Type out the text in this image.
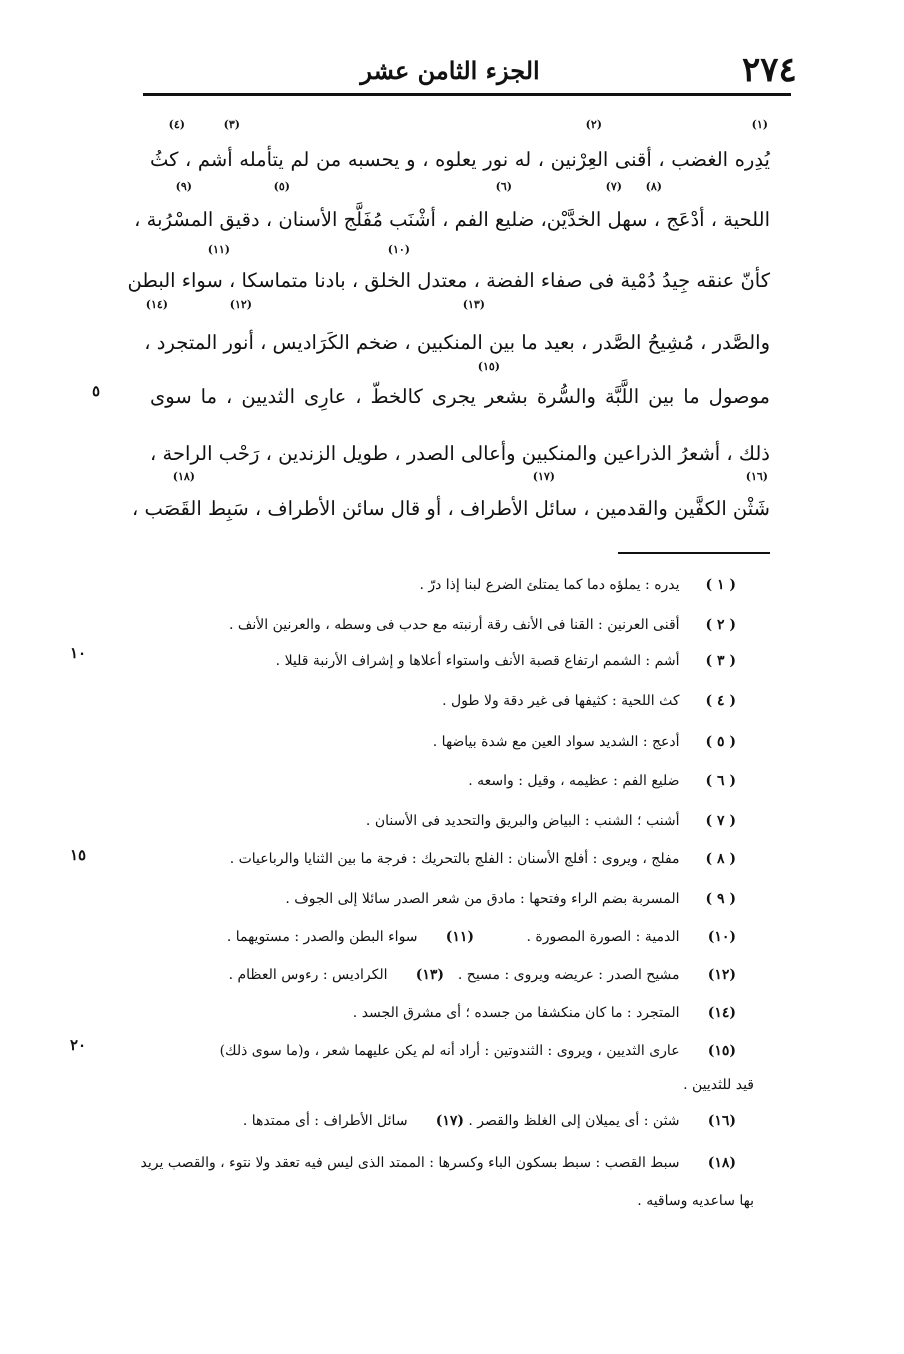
٢٧٤
الجزء الثامن عشر
(١)
(٢)
(٣)
(٤)
يُدِره الغضب ، أقنى العِرْنين ، له نور يعلوه ، و يحسبه من لم يتأمله أشم ، كثُ
(٨)
(٧)
(٦)
(٥)
(٩)
اللحية ، أدْعَج ، سهل الخدَّيْن، ضليع الفم ، أشْنَب مُفَلَّج الأسنان ، دقيق المسْرُبة ،
(١٠)
(١١)
كأنّ عنقه جِيدُ دُمْية فى صفاء الفضة ، معتدل الخلق ، بادنا متماسكا ، سواء البطن
(١٣)
(١٢)
(١٤)
والصَّدر ، مُشِيحُ الصَّدر ، بعيد ما بين المنكبين ، ضخم الكَرَاديس ، أنور المتجرد ،
(١٥)
موصول ما بين اللَّبَّة والسُّرة بشعر يجرى كالخطّ ، عارِى الثديين ، ما سوى
ذلك ، أشعرُ الذراعين والمنكبين وأعالى الصدر ، طويل الزندين ، رَحْب الراحة ،
(١٦)
(١٧)
(١٨)
شَثْن الكفَّين والقدمين ، سائل الأطراف ، أو قال سائن الأطراف ، سَبِط القَصَب ،
٥
١٠
١٥
٢٠
( ١ ) يدره : يملؤه دما كما يمتلئ الضرع لبنا إذا درّ .
( ٢ ) أقنى العرنين : القنا فى الأنف رقة أرنبته مع حدب فى وسطه ، والعرنين الأنف .
( ٣ ) أشم : الشمم ارتفاع قصبة الأنف واستواء أعلاها و إشراف الأرنبة قليلا .
( ٤ ) كث اللحية : كثيفها فى غير دقة ولا طول .
( ٥ ) أدعج : الشديد سواد العين مع شدة بياضها .
( ٦ ) ضليع الفم : عظيمه ، وقيل : واسعه .
( ٧ ) أشنب ؛ الشنب : البياض والبريق والتحديد فى الأسنان .
( ٨ ) مفلج ، ويروى : أفلج الأسنان : الفلج بالتحريك : فرجة ما بين الثنايا والرباعيات .
( ٩ ) المسربة بضم الراء وفتحها : مادق من شعر الصدر سائلا إلى الجوف .
(١٠) الدمية : الصورة المصورة .
(١١) سواء البطن والصدر : مستويهما .
(١٢) مشيح الصدر : عريضه ويروى : مسيح .
(١٣) الكراديس : رءوس العظام .
(١٤) المتجرد : ما كان منكشفا من جسده ؛ أى مشرق الجسد .
(١٥) عارى الثديين ، ويروى : الثندوتين : أراد أنه لم يكن عليهما شعر ، و(ما سوى ذلك)
قيد للثديين .
(١٦) شثن : أى يميلان إلى الغلظ والقصر .
(١٧) سائل الأطراف : أى ممتدها .
(١٨) سبط القصب : سبط بسكون الباء وكسرها : الممتد الذى ليس فيه تعقد ولا نتوء ، والقصب يريد
بها ساعديه وساقيه .
